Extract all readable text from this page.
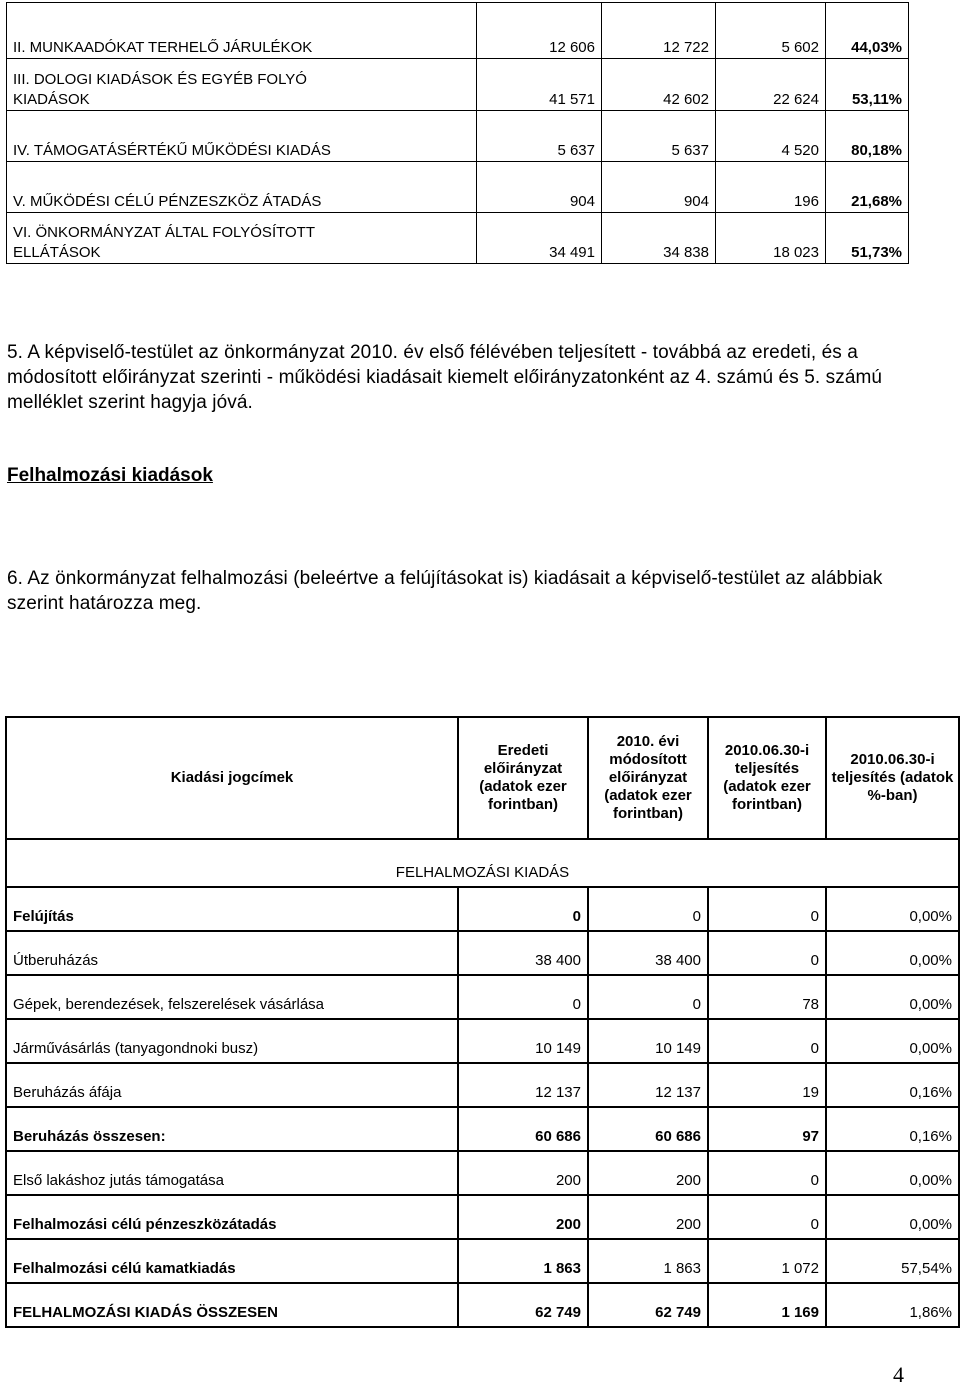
II. MUNKAADÓKAT TERHELŐ JÁRULÉKOK	12 606	12 722	5 602	44,03%
III. DOLOGI KIADÁSOK ÉS EGYÉB FOLYÓ
KIADÁSOK	41 571	42 602	22 624	53,11%
IV. TÁMOGATÁSÉRTÉKŰ MŰKÖDÉSI KIADÁS	5 637	5 637	4 520	80,18%
V. MŰKÖDÉSI CÉLÚ PÉNZESZKÖZ ÁTADÁS	904	904	196	21,68%
VI. ÖNKORMÁNYZAT ÁLTAL FOLYÓSÍTOTT
ELLÁTÁSOK	34 491	34 838	18 023	51,73%
5. A képviselő-testület az önkormányzat 2010. év első félévében teljesített - továbbá az eredeti, és a módosított előirányzat szerinti - működési kiadásait kiemelt előirányzatonként az 4. számú és 5. számú melléklet szerint hagyja jóvá.
Felhalmozási kiadások
6. Az önkormányzat felhalmozási (beleértve a felújításokat is) kiadásait a képviselő-testület az alábbiak szerint határozza meg.
Kiadási jogcímek	Eredeti előirányzat (adatok ezer forintban)	2010. évi módosított előirányzat (adatok ezer forintban)	2010.06.30-i teljesítés (adatok ezer forintban)	2010.06.30-i teljesítés (adatok %-ban)
FELHALMOZÁSI KIADÁS				
Felújítás	0	0	0	0,00%
Útberuházás	38 400	38 400	0	0,00%
Gépek, berendezések, felszerelések vásárlása	0	0	78	0,00%
Járművásárlás (tanyagondnoki busz)	10 149	10 149	0	0,00%
Beruházás áfája	12 137	12 137	19	0,16%
Beruházás összesen:	60 686	60 686	97	0,16%
Első lakáshoz jutás támogatása	200	200	0	0,00%
Felhalmozási célú pénzeszközátadás	200	200	0	0,00%
Felhalmozási célú kamatkiadás	1 863	1 863	1 072	57,54%
FELHALMOZÁSI KIADÁS ÖSSZESEN	62 749	62 749	1 169	1,86%
4
